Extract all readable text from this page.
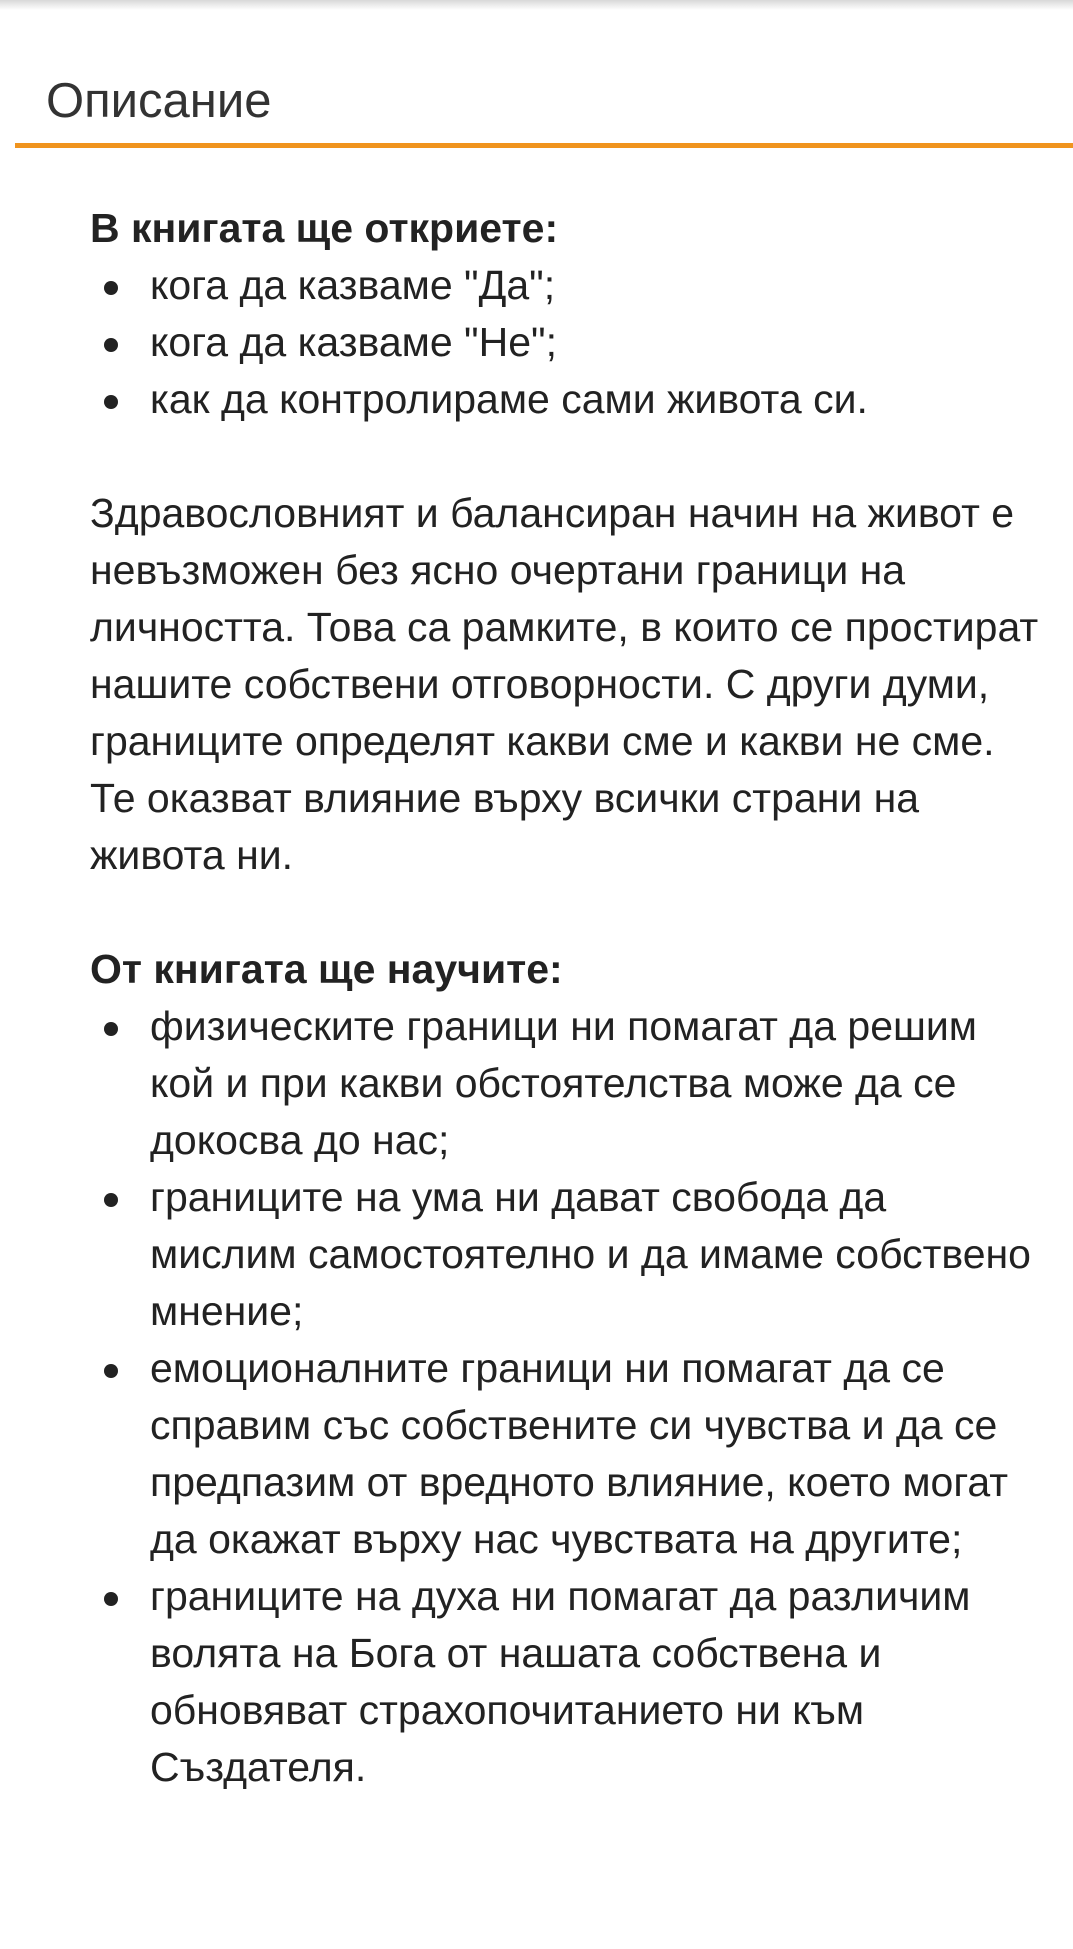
Описание

В книгата ще откриете:

кога да казваме "Да";
кога да казваме "Не";
как да контролираме сами живота си.

Здравословният и балансиран начин на живот е невъзможен без ясно очертани граници на личността. Това са рамките, в които се простират нашите собствени отговорности. С други думи, границите определят какви сме и какви не сме. Те оказват влияние върху всички страни на живота ни.

От книгата ще научите:

физическите граници ни помагат да решим кой и при какви обстоятелства може да се докосва до нас;
границите на ума ни дават свобода да мислим самостоятелно и да имаме собствено мнение;
емоционалните граници ни помагат да се справим със собствените си чувства и да се предпазим от вредното влияние, което могат да окажат върху нас чувствата на другите;
границите на духа ни помагат да различим волята на Бога от нашата собствена и обновяват страхопочитанието ни към Създателя.
